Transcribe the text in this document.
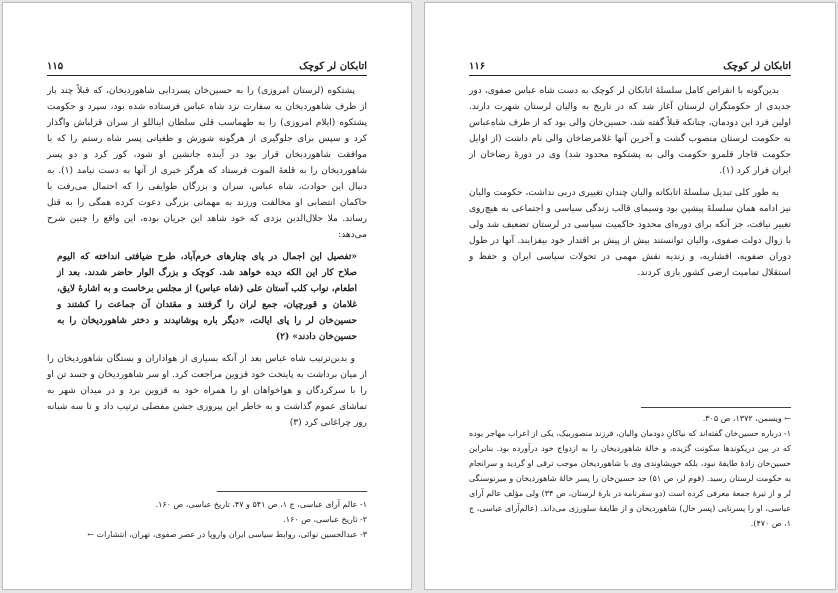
اتابکان لر کوچک
۱۱۵

پشتکوه (لرستان امروزی) را به حسین‌خان پسردایی شاهوردیخان، که قبلاً چند بار از طرف شاهوردیخان به سفارت نزد شاه عباس فرستاده شده بود، سپرد و حکومت پشتکوه (ایلام امروزی) را به طهماسب قلی سلطان ایناللو از سران قزلباش واگذار کرد و سپس برای جلوگیری از هرگونه شورش و طغیانی پسر شاه رستم را که با موافقت شاهوردیخان قرار بود در آینده جانشین او شود، کور کرد و دو پسر شاهوردیخان را به قلعهٔ الموت فرستاد که هرگز خبری از آنها به دست نیامد (۱). به دنبال این حوادث، شاه عباس، سران و بزرگان طوایفی را که احتمال می‌رفت با حاکمان انتصابی او مخالفت ورزند به مهمانی بزرگی دعوت کرده همگی را به قتل رساند. ملا جلال‌الدین یزدی که خود شاهد این جریان بوده، این واقع را چنین شرح می‌دهد:

«تفصیل این اجمال در پای چنارهای خرم‌آباد، طرح ضیافتی انداخته که الیوم صلاح کار این الکه دیده خواهد شد. کوچک و بزرگ الوار حاضر شدند. بعد از اطعام، نواب کلب آستان علی (شاه عباس) از مجلس برخاست و به اشارهٔ لایق، غلامان و قورچیان، جمع لران را گرفتند و مقتدان آن جماعت را کشتند و حسین‌خان لر را پای ایالت، «دیگر باره پوشانیدند و دختر شاهوردیخان را به حسین‌خان دادند» (۲)

و بدین‌ترتیب شاه عباس بعد از آنکه بسیاری از هواداران و بستگان شاهوردیخان را از میان برداشت به پایتخت خود قزوین مراجعت کرد. او سر شاهوردیخان و جسد تن او را با سرکردگان و هواخواهان او را همراه خود به قزوین برد و در میدان شهر به تماشای عموم گذاشت و به خاطر این پیروزی جشن مفصلی ترتیب داد و تا سه شبانه روز چراغانی کرد (۳)

۱- عالم آرای عباسی، ج ۱، ص ۵۴۱ و ۴۷، تاریخ عباسی، ص ۱۶۰.

۲- تاریخ عباسی، ص ۱۶۰.

۳- عبدالحسین نوائی، روابط سیاسی ایران واروپا در عصر صفوی، تهران، انتشارات ←

اتابکان لر کوچک
۱۱۶

بدین‌گونه با انقراض کامل سلسلهٔ اتابکان لر کوچک به دست شاه عباس صفوی، دور جدیدی از حکومتگران لرستان آغاز شد که در تاریخ به والیان لرستان شهرت دارند. اولین فرد این دودمان، چنانکه قبلاً گفته شد، حسین‌خان والی بود که از طرف شاه‌عباس به حکومت لرستان منصوب گشت و آخرین آنها غلامرضاخان والی نام داشت (از اوایل حکومت قاجار قلمرو حکومت والی به پشتکوه محدود شد) وی در دورهٔ رضاخان از ایران فرار کرد (۱).

به طور کلی تبدیل سلسلهٔ اتابکانه والیان چندان تغییری دربی نداشت، حکومت والیان نیز ادامه همان سلسلهٔ پیشین بود وسیمای قالب زندگی سیاسی و اجتماعی به هیچ‌روی تغییر نیافت، جز آنکه برای دوره‌ای محدود حاکمیت سیاسی در لرستان تضعیف شد ولی با زوال دولت صفوی، والیان توانستند بیش از پیش بر اقتدار خود بیفزایند. آنها در طول دوران صفویه، افشاریه، و زندیه نقش مهمی در تحولات سیاسی ایران و حفظ و استقلال تمامیت ارضی کشور بازی کردند.

← ویسمن، ۱۳۷۲، ص ۳۰۵.

۱- درباره حسین‌خان گفته‌اند که نیاکانِ دودمان والیان، فرزند منصوربیک، یکی از اعراب مهاجر بوده که در بین دریکوندها سکونت گزیده، و خالهٔ شاهوردیخان را به ازدواج خود درآورده بود. بنابراین حسین‌خان زادهٔ طایفهٔ نبود، بلکه خویشاوندی وی با شاهوردیخان موجب ترقی او گردید و سرانجام به حکومت لرستان رسید. (قوم لر، ص ۵۱) جد حسین‌خان را پسر خالهٔ شاهوردیخان و میرنوسنگی لر و از تیرهٔ جمعهٔ معرفی کرده است (دو سفرنامه در بارهٔ لرستان، ص ۳۴) ولی مؤلف عالم آرای عباسی، او را پسرنایی (پسر خال) شاهوردیخان و از طایفهٔ سلورزی می‌داند. (عالم‌آرای عباسی، ج ۱، ص ۴۷۰).
